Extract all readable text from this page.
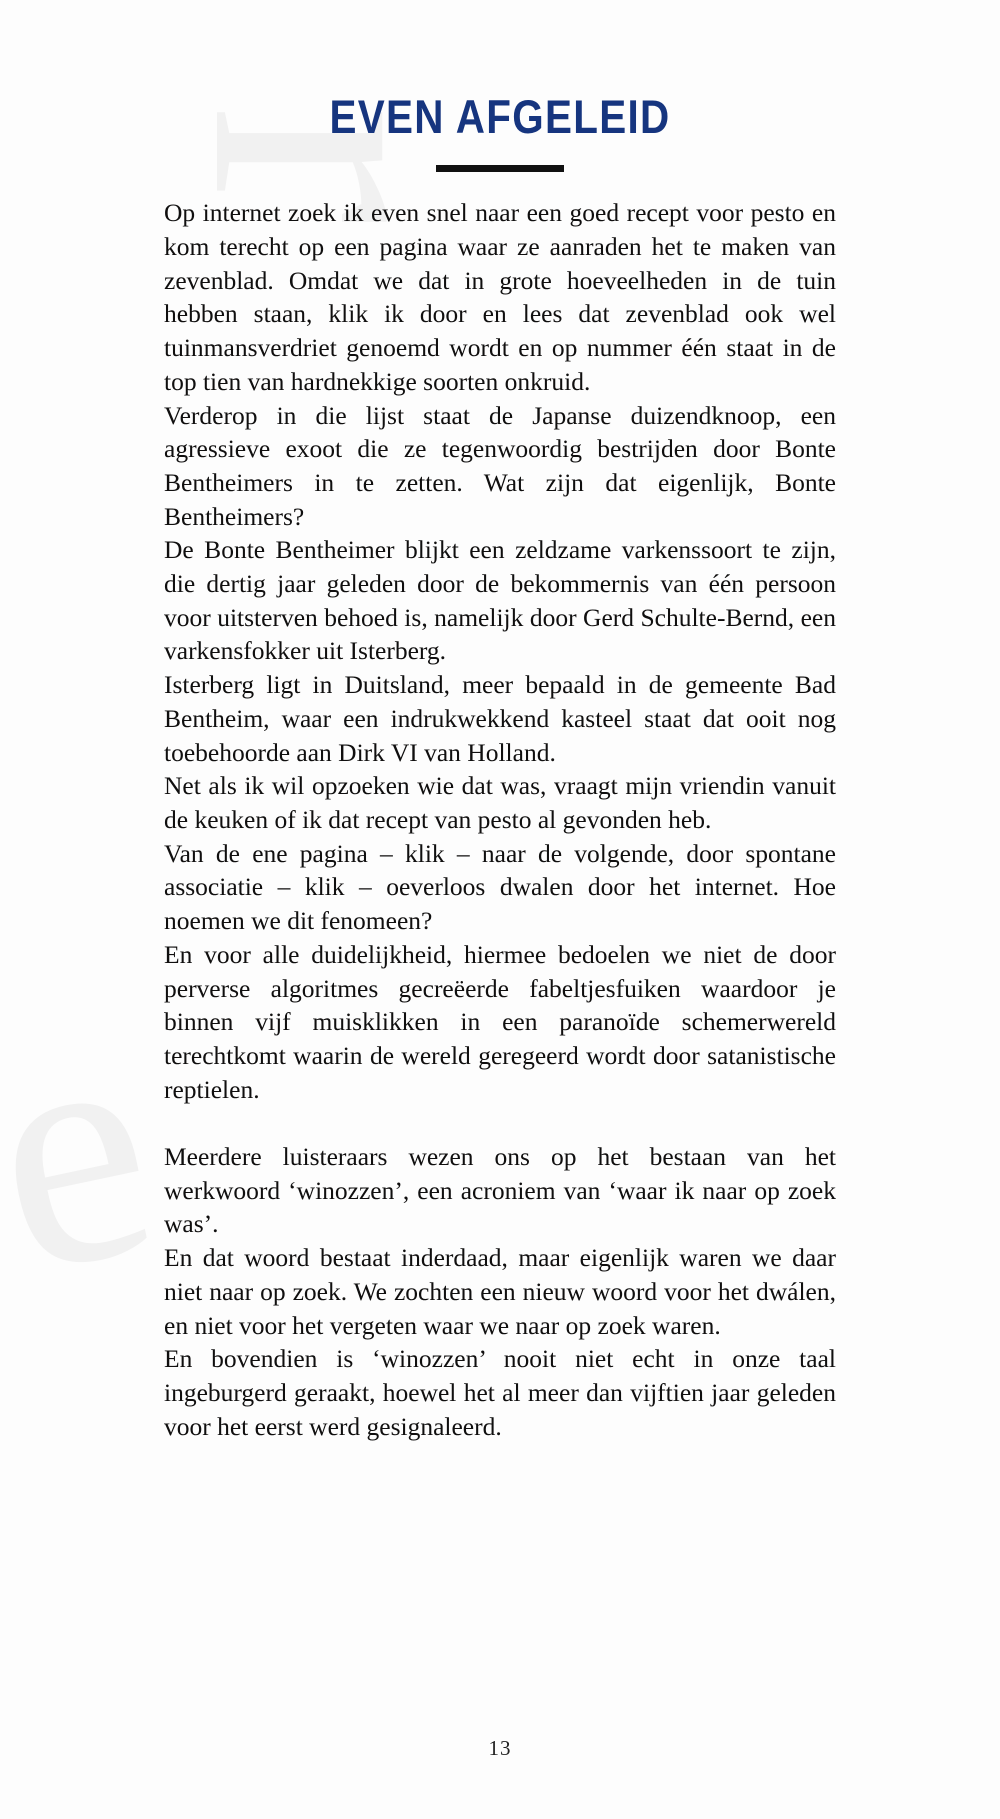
EVEN AFGELEID

Op internet zoek ik even snel naar een goed recept voor pesto en kom terecht op een pagina waar ze aanraden het te maken van zevenblad. Omdat we dat in grote hoeveelheden in de tuin hebben staan, klik ik door en lees dat zevenblad ook wel tuinmansverdriet genoemd wordt en op nummer één staat in de top tien van hardnekkige soorten onkruid.

Verderop in die lijst staat de Japanse duizendknoop, een agressieve exoot die ze tegenwoordig bestrijden door Bonte Bentheimers in te zetten. Wat zijn dat eigenlijk, Bonte Bentheimers?

De Bonte Bentheimer blijkt een zeldzame varkenssoort te zijn, die dertig jaar geleden door de bekommernis van één persoon voor uitsterven behoed is, namelijk door Gerd Schulte-Bernd, een varkensfokker uit Isterberg.

Isterberg ligt in Duitsland, meer bepaald in de gemeente Bad Bentheim, waar een indrukwekkend kasteel staat dat ooit nog toebehoorde aan Dirk VI van Holland.

Net als ik wil opzoeken wie dat was, vraagt mijn vriendin vanuit de keuken of ik dat recept van pesto al gevonden heb.

Van de ene pagina – klik – naar de volgende, door spontane associatie – klik – oeverloos dwalen door het internet. Hoe noemen we dit fenomeen?

En voor alle duidelijkheid, hiermee bedoelen we niet de door perverse algoritmes gecreëerde fabeltjesfuiken waardoor je binnen vijf muisklikken in een paranoïde schemerwereld terechtkomt waarin de wereld geregeerd wordt door satanistische reptielen.

Meerdere luisteraars wezen ons op het bestaan van het werkwoord ‘winozzen’, een acroniem van ‘waar ik naar op zoek was’.

En dat woord bestaat inderdaad, maar eigenlijk waren we daar niet naar op zoek. We zochten een nieuw woord voor het dwálen, en niet voor het vergeten waar we naar op zoek waren.

En bovendien is ‘winozzen’ nooit niet echt in onze taal ingeburgerd geraakt, hoewel het al meer dan vijftien jaar geleden voor het eerst werd gesignaleerd.

13
